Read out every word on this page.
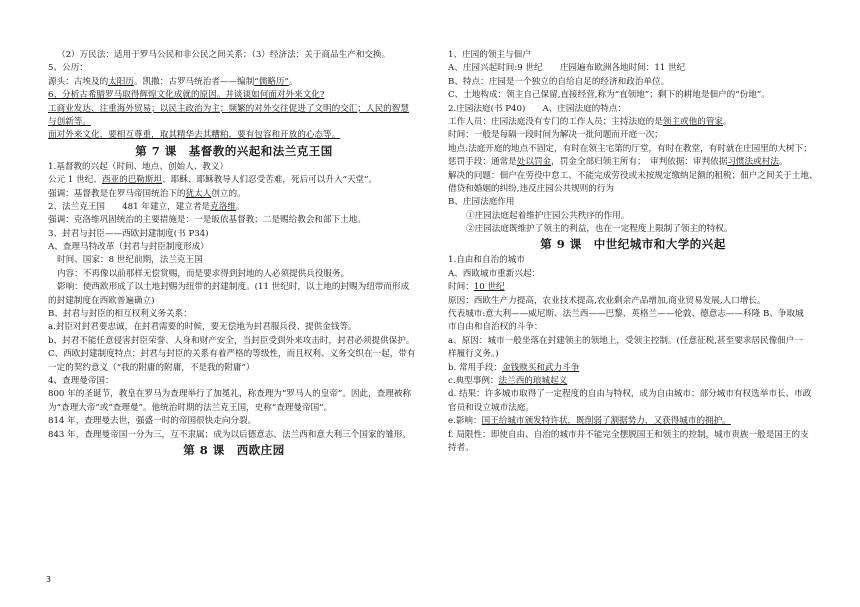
（2）万民法：适用于罗马公民和非公民之间关系；（3）经济法：关于商品生产和交换。
5、公历：
源头：古埃及的太阳历。凯撒：古罗马统治者——编制“儒略历”。
6、分析古希腊罗马取得辉煌文化成就的原因。并谈谈如何面对外来文化?
工商业发达、注重海外贸易；以民主政治为主；频繁的对外交往促进了文明的交汇；人民的智慧
与创新等。
面对外来文化，要相互尊重，取其精华去其糟粕，要有包容和开放的心态等。
第 7 课　基督教的兴起和法兰克王国
1.基督教的兴起（时间、地点、创始人、教义）
公元 1 世纪、西亚的巴勒斯坦、耶稣、耶稣教导人们忍受苦难，死后可以升入“天堂”。
强调：基督教是在罗马帝国统治下的犹太人创立的。
2、法兰克王国　　481 年建立，建立者是克洛维。
强调：克洛维巩固统治的主要措施是：一是皈依基督教；二是赐给教会和部下土地。
3、封君与封臣——西欧封建制度(书 P34)
A、查理马特改革（封君与封臣制度形成）
时间、国家：8 世纪前期，法兰克王国
内容：不再像以前那样无偿赏赐，而是要求得到封地的人必须提供兵役服务。
影响：使西欧形成了以土地封赐为纽带的封建制度。(11 世纪时，以土地的封赐为纽带而形成
的封建制度在西欧普遍确立)
B、封君与封臣的相互权利义务关系：
a.封臣对封君要忠诚，在封君需要的时候，要无偿地为封君服兵役、提供金钱等。
b、封君不能任意侵害封臣荣誉、人身和财产安全，当封臣受到外来攻击时，封君必须提供保护。
C、西欧封建制度特点：封君与封臣的关系有着严格的等级性，而且权利、义务交织在一起，带有
一定的契约意义（“我的附庸的附庸，不是我的附庸”）
4、查理曼帝国：
800 年的圣诞节，教皇在罗马为查理举行了加冕礼，称查理为“罗马人的皇帝”。因此，查理被称
为“查理大帝”或“查理曼”。他统治时期的法兰克王国，史称“查理曼帝国”。
814 年，查理曼去世，强盛一时的帝国很快走向分裂。
843 年，查理曼帝国一分为三，互不隶属；成为以后德意志、法兰西和意大利三个国家的雏形。
第 8 课　西欧庄园
1、庄园的领主与佃户
A、庄园兴起时间:9 世纪　　庄园遍布欧洲各地时间：11 世纪
B、特点：庄园是一个独立的自给自足的经济和政治单位。
C、土地构成：领主自己保留,直接经营,称为“直领地”；剩下的耕地是佃户的“份地”。
2.庄园法庭(书 P40)　　A、庄园法庭的特点：
工作人员：庄园法庭没有专门的工作人员；主持法庭的是领主或他的管家。
时间：一般是每隔一段时间为解决一批问题而开庭一次；
地点:法庭开庭的地点不固定，有时在领主宅第的厅堂，有时在教堂，有时就在庄园里的大树下；
惩罚手段：通常是处以罚金，罚金全部归领主所有；　审判依据：审判依据习惯法或村法。
解决的问题：佃户在劳役中怠工、不能完成劳役或未按规定缴纳足额的租税；佃户之间关于土地、
借贷和婚姻的纠纷,违反庄园公共规则的行为
B、庄园法庭作用
①庄园法庭起着维护庄园公共秩序的作用。
②庄园法庭既维护了领主的利益，也在一定程度上限制了领主的特权。
第 9 课　中世纪城市和大学的兴起
1.自由和自治的城市
A、西欧城市重新兴起：
时间：10 世纪
原因：西欧生产力提高，农业技术提高,农业剩余产品增加,商业贸易发展,人口增长。
代表城市:意大利——威尼斯、法兰西——巴黎、英格兰——伦敦、德意志——科隆 B、争取城
市自由和自治权的斗争：
a、原因：城市一般坐落在封建领主的领地上，受领主控制。(任意征税,甚至要求居民像佃户一
样履行义务。)
b. 常用手段：金钱赎买和武力斗争
c.典型事例：法兰西的琅城起义
d. 结果：许多城市取得了一定程度的自由与特权，成为自由城市；部分城市有权选举市长、市政
官员和设立城市法庭。
e.影响：国王给城市颁发特许状，既削弱了割据势力，又获得城市的拥护。
f. 局限性：即使自由、自治的城市并不能完全摆脱国王和领主的控制，城市贵族一般是国王的支
持者。
3
